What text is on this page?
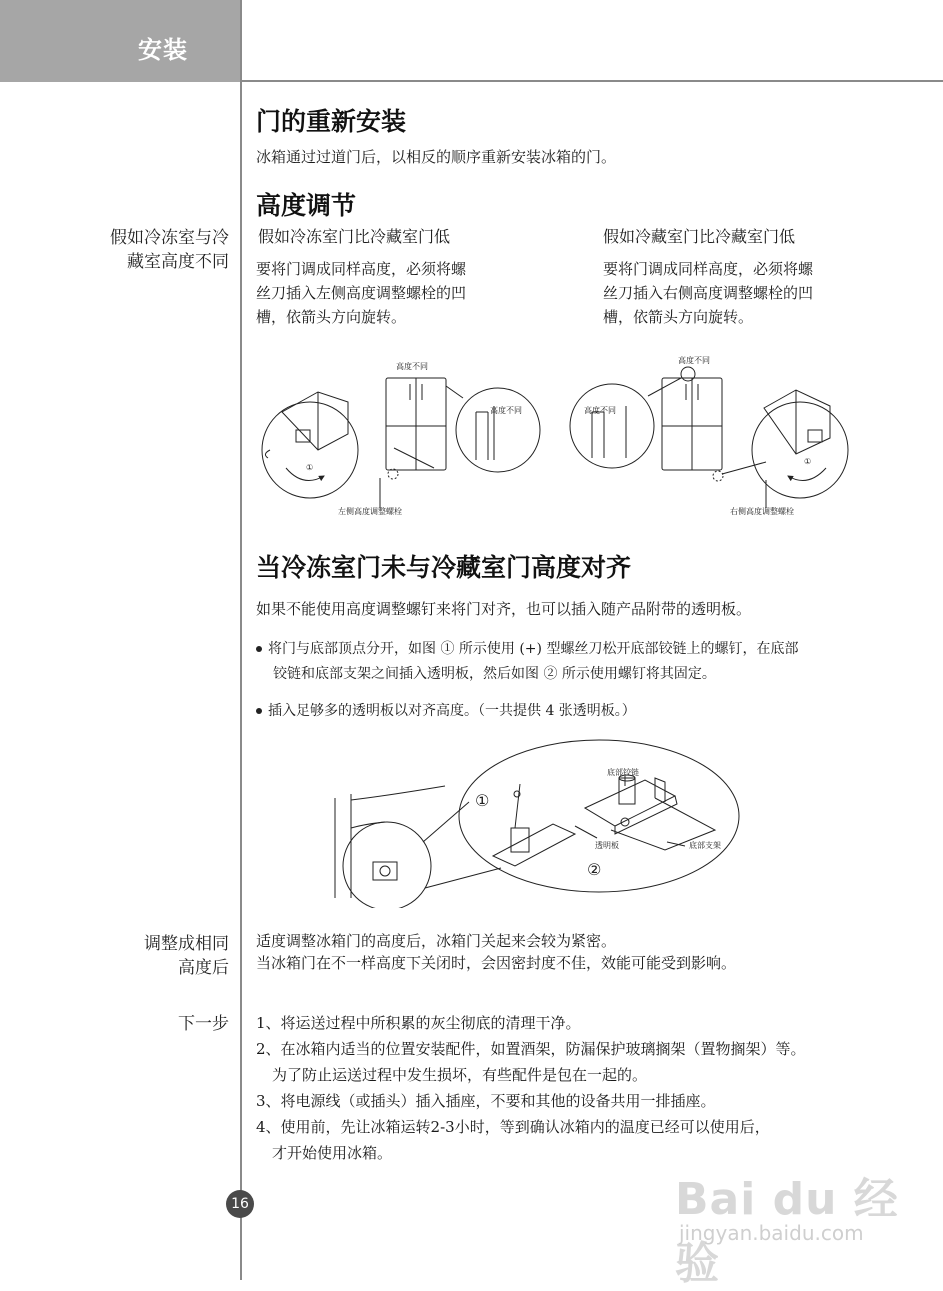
安装
门的重新安装
冰箱通过过道门后，以相反的顺序重新安装冰箱的门。
高度调节
假如冷冻室与冷
藏室高度不同
假如冷冻室门比冷藏室门低
要将门调成同样高度，必须将螺
丝刀插入左侧高度调整螺栓的凹
槽，依箭头方向旋转。
假如冷藏室门比冷藏室门低
要将门调成同样高度，必须将螺
丝刀插入右侧高度调整螺栓的凹
槽，依箭头方向旋转。
高度不同
高度不同
①
左侧高度调整螺栓
高度不同
高度不同
①
右侧高度调整螺栓
当冷冻室门未与冷藏室门高度对齐
如果不能使用高度调整螺钉来将门对齐，也可以插入随产品附带的透明板。
将门与底部顶点分开，如图 ① 所示使用 (+) 型螺丝刀松开底部铰链上的螺钉，在底部
铰链和底部支架之间插入透明板，然后如图 ② 所示使用螺钉将其固定。
插入足够多的透明板以对齐高度。（一共提供 4 张透明板。）
底部铰链
透明板	底部支架
①
②
调整成相同
高度后
适度调整冰箱门的高度后，冰箱门关起来会较为紧密。
当冰箱门在不一样高度下关闭时，会因密封度不佳，效能可能受到影响。
下一步 1、将运送过程中所积累的灰尘彻底的清理干净。
2、在冰箱内适当的位置安装配件，如置酒架，防漏保护玻璃搁架（置物搁架）等。
为了防止运送过程中发生损坏，有些配件是包在一起的。
3、将电源线（或插头）插入插座，不要和其他的设备共用一排插座。
4、使用前，先让冰箱运转2-3小时，等到确认冰箱内的温度已经可以使用后，
才开始使用冰箱。
16	Bai du 经验
jingyan.baidu.com
